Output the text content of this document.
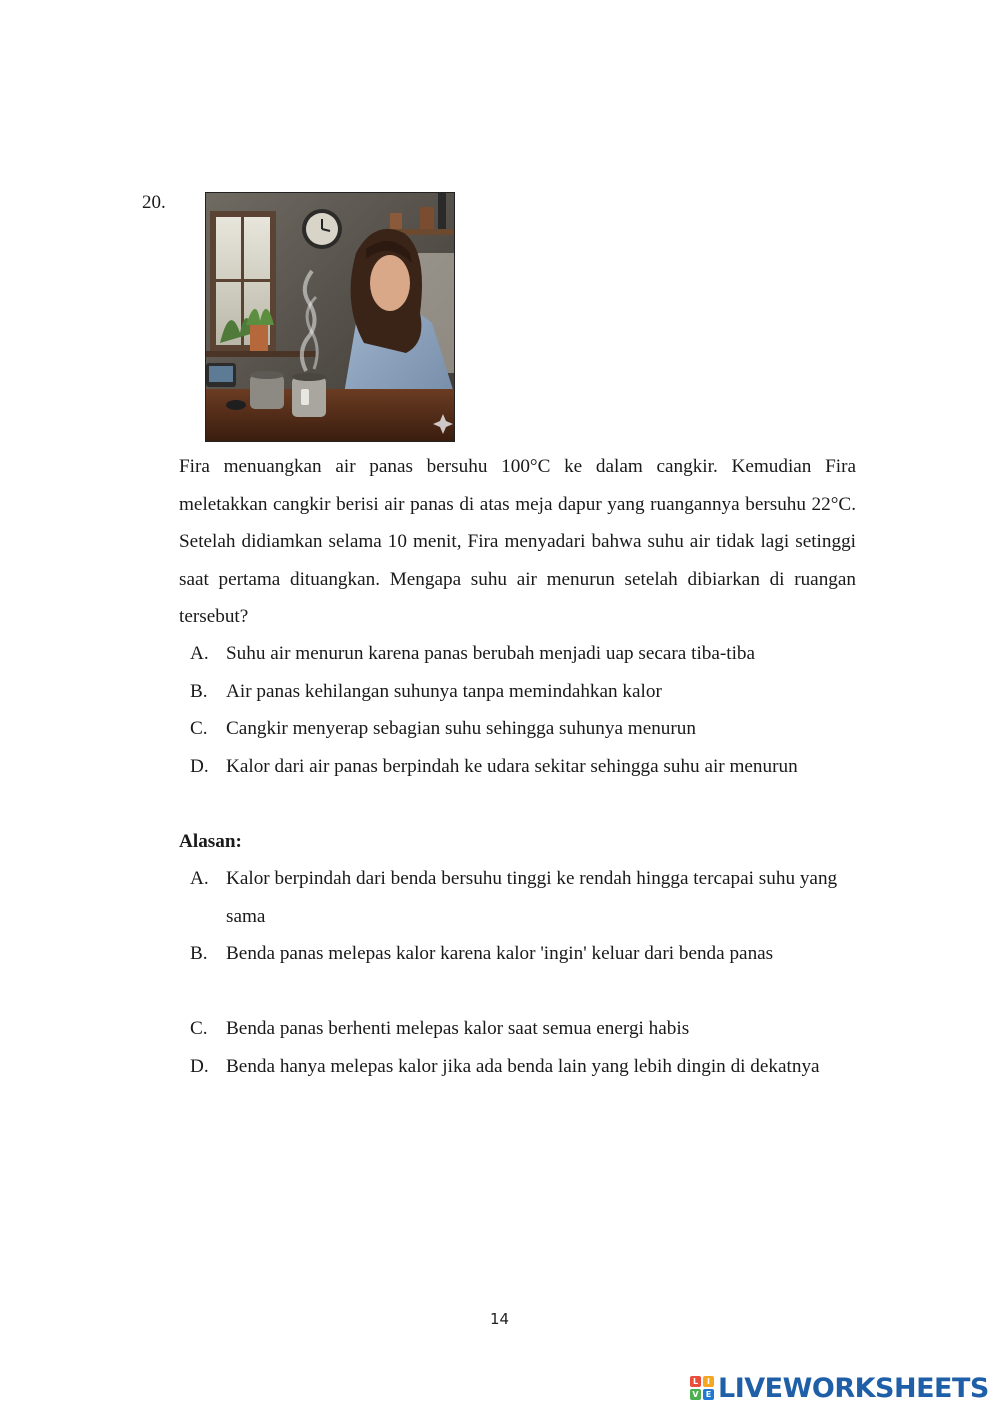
20.

Fira menuangkan air panas bersuhu 100°C ke dalam cangkir. Kemudian Fira meletakkan cangkir berisi air panas di atas meja dapur yang ruangannya bersuhu 22°C. Setelah didiamkan selama 10 menit, Fira menyadari bahwa suhu air tidak lagi setinggi saat pertama dituangkan. Mengapa suhu air menurun setelah dibiarkan di ruangan tersebut?

A. Suhu air menurun karena panas berubah menjadi uap secara tiba-tiba
B. Air panas kehilangan suhunya tanpa memindahkan kalor
C. Cangkir menyerap sebagian suhu sehingga suhunya menurun
D. Kalor dari air panas berpindah ke udara sekitar sehingga suhu air menurun
Alasan:
A. Kalor berpindah dari benda bersuhu tinggi ke rendah hingga tercapai suhu yang sama
B. Benda panas melepas kalor karena kalor 'ingin' keluar dari benda panas
C. Benda panas berhenti melepas kalor saat semua energi habis
D. Benda hanya melepas kalor jika ada benda lain yang lebih dingin di dekatnya
14
L	I
V E LIVEWORKSHEETS
